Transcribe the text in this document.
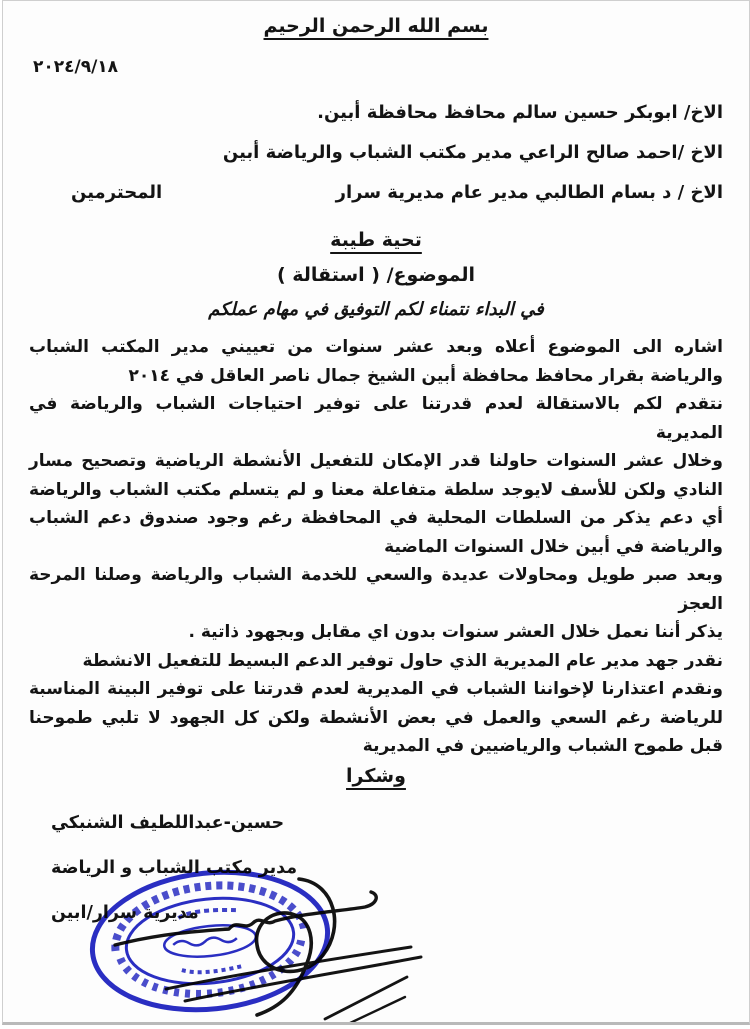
بسم الله الرحمن الرحيم
٢٠٢٤/٩/١٨
الاخ/ ابوبكر حسين سالم محافظ محافظة أبين.
الاخ /احمد صالح الراعي مدير مكتب الشباب والرياضة أبين
الاخ / د بسام الطالبي مدير عام مديرية سرار
المحترمين
تحية طيبة
الموضوع/ ( استقالة )
في البداء نتمناء لكم التوفيق في مهام عملكم

اشاره الى الموضوع أعلاه وبعد عشر سنوات من تعييني مدير المكتب الشباب والرياضة بقرار محافظ محافظة أبين الشيخ جمال ناصر العاقل في ٢٠١٤

نتقدم لكم بالاستقالة لعدم قدرتنا على توفير احتياجات الشباب والرياضة في المديرية

وخلال عشر السنوات حاولنا قدر الإمكان للتفعيل الأنشطة الرياضية وتصحيح مسار النادي ولكن للأسف لايوجد سلطة متفاعلة معنا و لم يتسلم مكتب الشباب والرياضة أي دعم يذكر من السلطات المحلية في المحافظة رغم وجود صندوق دعم الشباب والرياضة في أبين خلال السنوات الماضية

وبعد صبر طويل ومحاولات عديدة والسعي للخدمة الشباب والرياضة وصلنا المرحة العجز

يذكر أننا نعمل خلال العشر سنوات بدون اي مقابل وبجهود ذاتية .

نقدر جهد مدير عام المديرية الذي حاول توفير الدعم البسيط للتفعيل الانشطة

ونقدم اعتذارنا لإخواننا الشباب في المديرية لعدم قدرتنا على توفير البينة المناسبة للرياضة رغم السعي والعمل في بعض الأنشطة ولكن كل الجهود لا تلبي طموحنا قبل طموح الشباب والرياضيين في المديرية

وشكرا
حسين-عبداللطيف الشنبكي
مدير مكتب الشباب و الرياضة
مديرية سرار/ابين
